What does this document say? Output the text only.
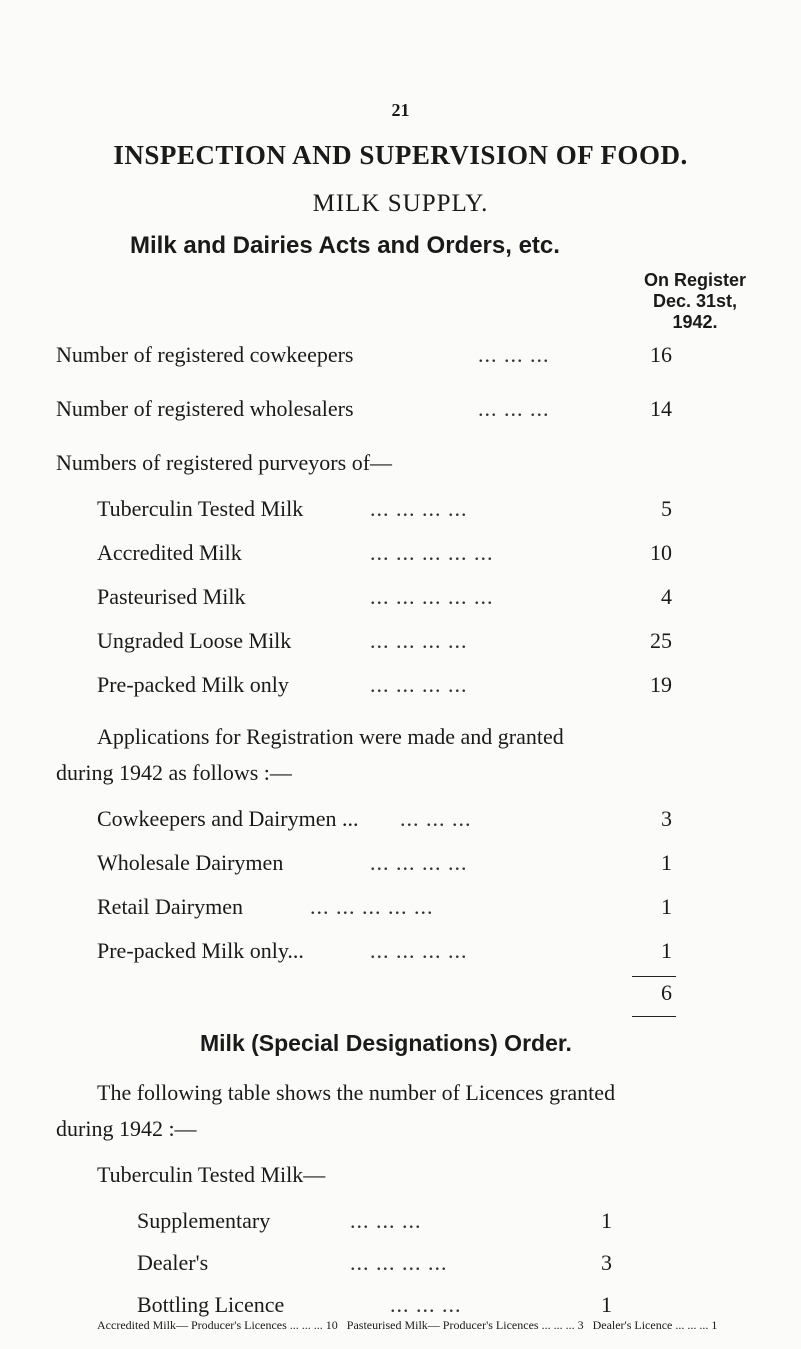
21
INSPECTION AND SUPERVISION OF FOOD.
MILK SUPPLY.
Milk and Dairies Acts and Orders, etc.
On Register
Dec. 31st,
1942.
Number of registered cowkeepers	... ... ...	16
Number of registered wholesalers	... ... ...	14
Numbers of registered purveyors of—
Tuberculin Tested Milk	... ... ... ...	5
Accredited Milk	... ... ... ... ...	10
Pasteurised Milk	... ... ... ... ...	4
Ungraded Loose Milk	... ... ... ...	25
Pre-packed Milk only	... ... ... ...	19
Applications for Registration were made and granted
during 1942 as follows :—
Cowkeepers and Dairymen ... ... ... ...	3
Wholesale Dairymen	... ... ... ...	1
Retail Dairymen	... ... ... ... ...	1
Pre-packed Milk only...	... ... ... ...	1
6
Milk (Special Designations) Order.
The following table shows the number of Licences granted
during 1942 :—
Tuberculin Tested Milk—
Supplementary	... ... ...	1
Dealer's	... ... ... ...	3
Bottling Licence	... ... ...	1
Accredited Milk— Producer's Licences ... ... ... 10 Pasteurised Milk— Producer's Licences ... ... ... 3 Dealer's Licence ... ... ... 1
